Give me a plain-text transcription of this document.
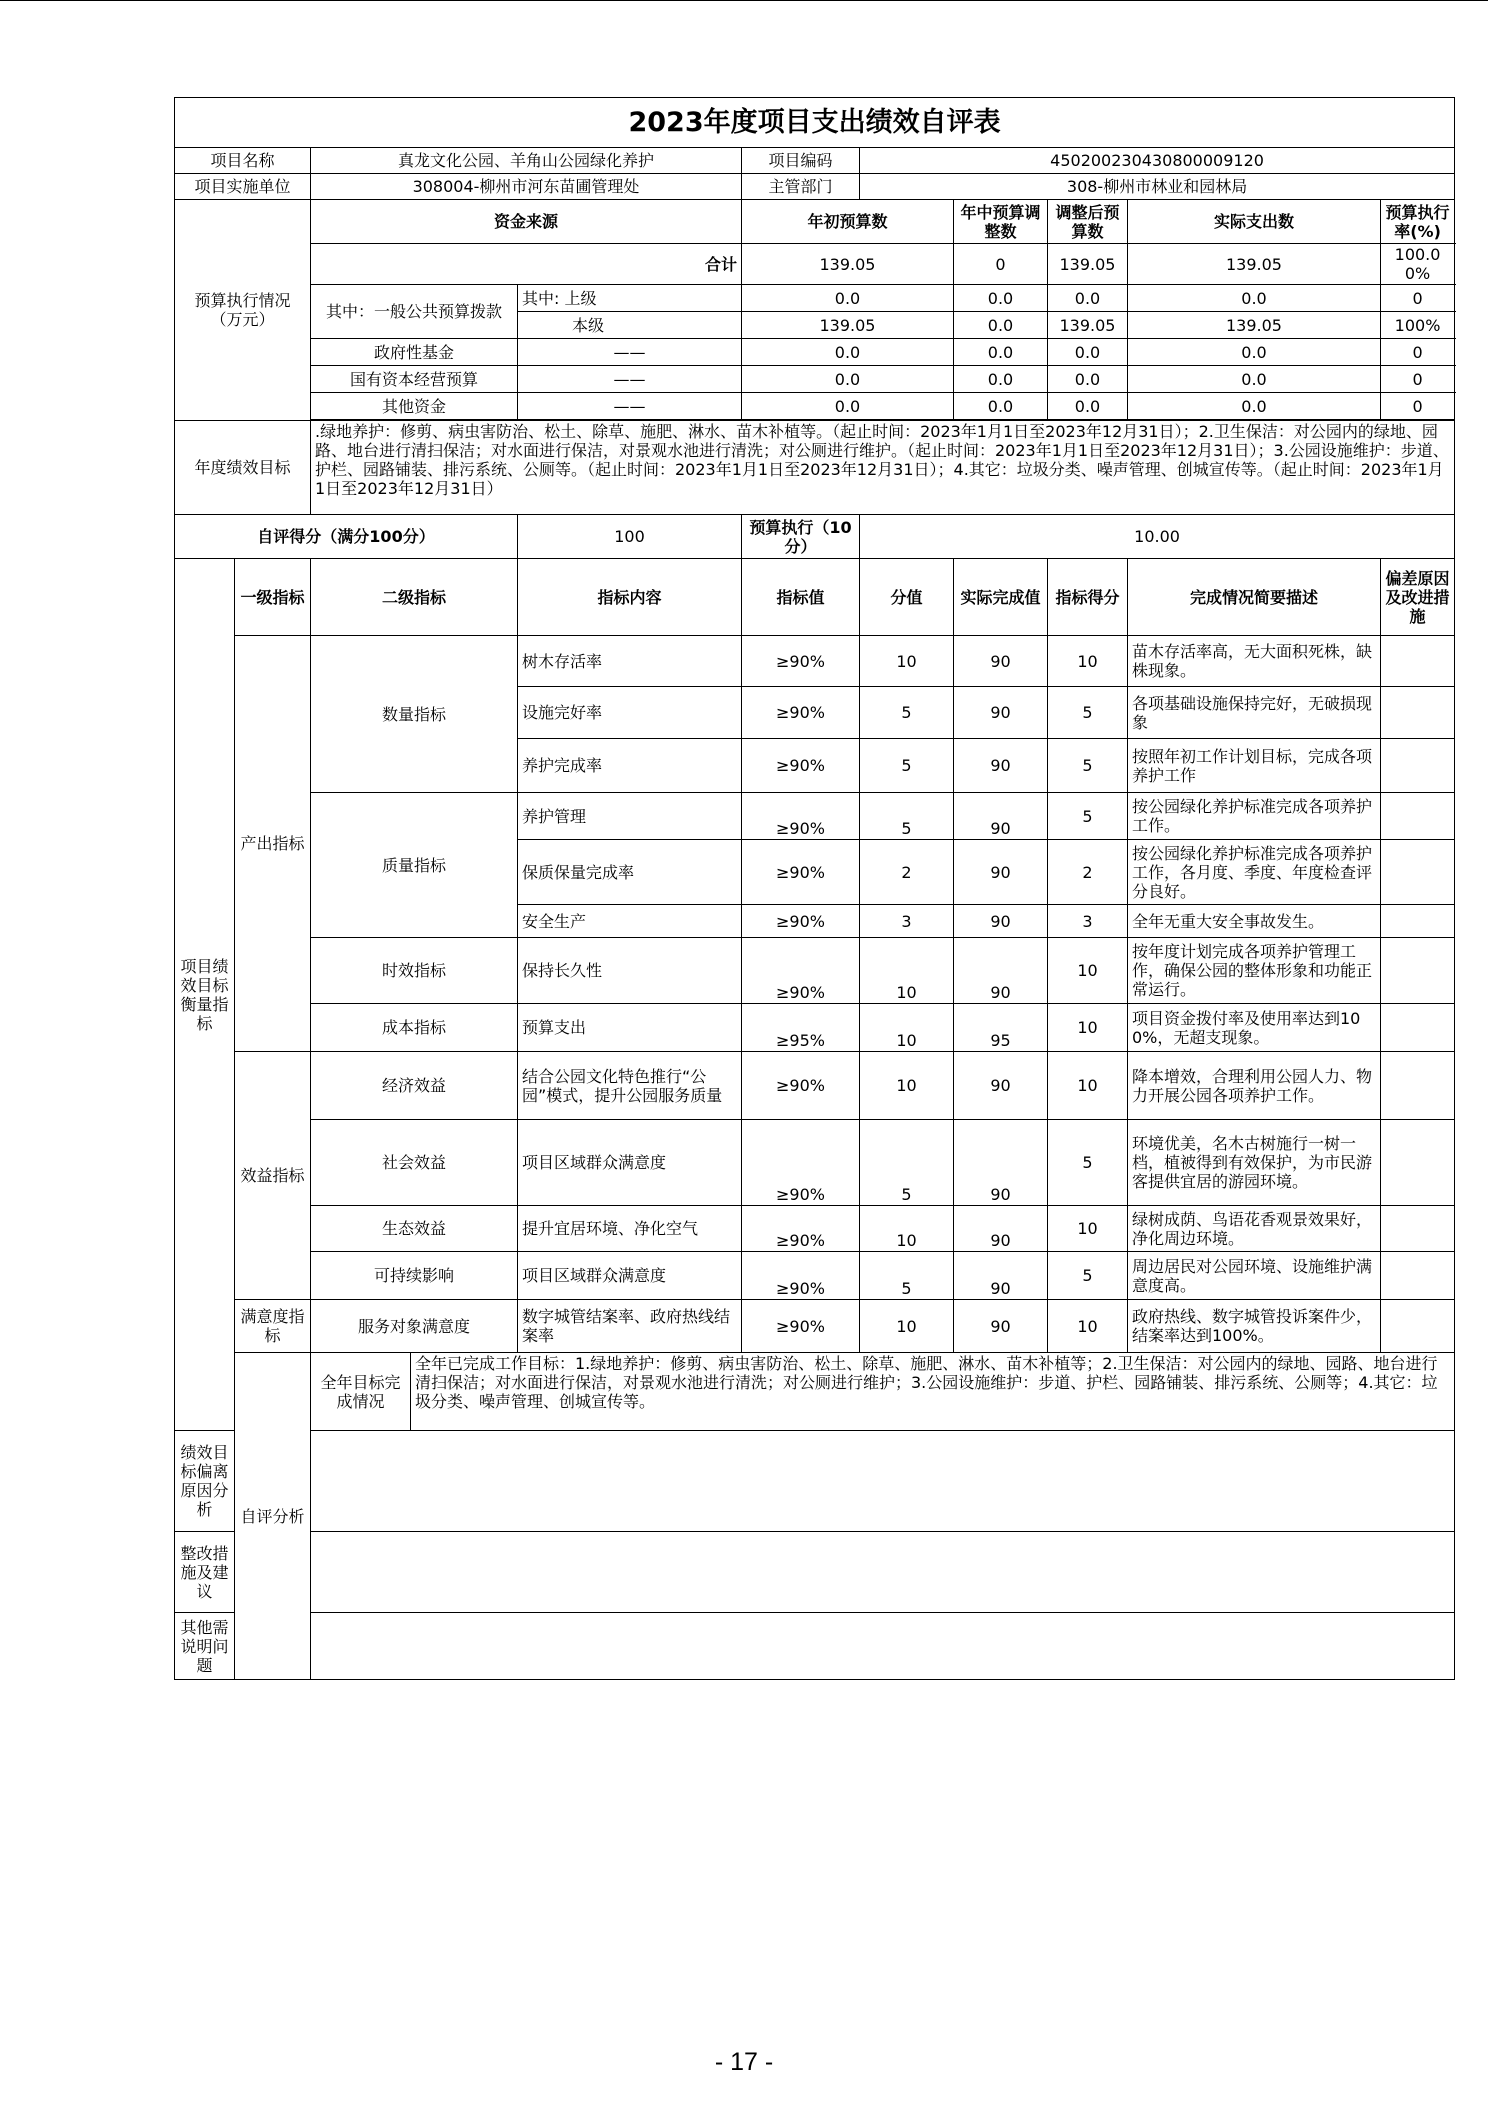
2023年度项目支出绩效自评表										
项目名称		真龙文化公园、羊角山公园绿化养护			项目编码	450200230430800009120				
项目实施单位		308004-柳州市河东苗圃管理处			主管部门	308-柳州市林业和园林局				
预算执行情况（万元）		资金来源			年初预算数		年中预算调整数	调整后预算数	实际支出数	预算执行率(%)
		合计			139.05		0	139.05	139.05	100.00%
		其中：一般公共预算拨款		其中: 上级	0.0		0.0	0.0	0.0	0
				本级	139.05		0.0	139.05	139.05	100%
		政府性基金		——	0.0		0.0	0.0	0.0	0
		国有资本经营预算		——	0.0		0.0	0.0	0.0	0
		其他资金		——	0.0		0.0	0.0	0.0	0

年度绩效目标		.绿地养护：修剪、病虫害防治、松土、除草、施肥、淋水、苗木补植等。（起止时间：2023年1月1日至2023年12月31日）；2.卫生保洁：对公园内的绿地、园路、地台进行清扫保洁；对水面进行保洁，对景观水池进行清洗；对公厕进行维护。（起止时间：2023年1月1日至2023年12月31日）；3.公园设施维护：步道、护栏、园路铺装、排污系统、公厕等。（起止时间：2023年1月1日至2023年12月31日）；4.其它：垃圾分类、噪声管理、创城宣传等。（起止时间：2023年1月1日至2023年12月31日）								
自评得分（满分100分）				100	预算执行（10分）	10.00				
项目绩效目标衡量指标	一级指标	二级指标		指标内容	指标值	分值	实际完成值	指标得分	完成情况简要描述	偏差原因及改进措施
	产出指标	数量指标		树木存活率	≥90%	10	90	10	苗木存活率高，无大面积死株，缺株现象。	
				设施完好率	≥90%	5	90	5	各项基础设施保持完好，无破损现象	
				养护完成率	≥90%	5	90	5	按照年初工作计划目标，完成各项养护工作	
		质量指标		养护管理	≥90%	5	90	5	按公园绿化养护标准完成各项养护工作。	
				保质保量完成率	≥90%	2	90	2	按公园绿化养护标准完成各项养护工作，各月度、季度、年度检查评分良好。	
				安全生产	≥90%	3	90	3	全年无重大安全事故发生。	
		时效指标		保持长久性	≥90%	10	90	10	按年度计划完成各项养护管理工作，确保公园的整体形象和功能正常运行。	
		成本指标		预算支出	≥95%	10	95	10	项目资金拨付率及使用率达到100%，无超支现象。	
	效益指标	经济效益		结合公园文化特色推行“公园”模式，提升公园服务质量	≥90%	10	90	10	降本增效，合理利用公园人力、物力开展公园各项养护工作。	
		社会效益		项目区域群众满意度	≥90%	5	90	5	环境优美，名木古树施行一树一档，植被得到有效保护，为市民游客提供宜居的游园环境。	
		生态效益		提升宜居环境、净化空气	≥90%	10	90	10	绿树成荫、鸟语花香观景效果好，净化周边环境。	
		可持续影响		项目区域群众满意度	≥90%	5	90	5	周边居民对公园环境、设施维护满意度高。	
	满意度指标	服务对象满意度		数字城管结案率、政府热线结案率	≥90%	10	90	10	政府热线、数字城管投诉案件少，结案率达到100%。	
	自评分析	全年目标完成情况	全年已完成工作目标：1.绿地养护：修剪、病虫害防治、松土、除草、施肥、淋水、苗木补植等；2.卫生保洁：对公园内的绿地、园路、地台进行清扫保洁；对水面进行保洁，对景观水池进行清洗；对公厕进行维护；3.公园设施维护：步道、护栏、园路铺装、排污系统、公厕等；4.其它：垃圾分类、噪声管理、创城宣传等。							
绩效目标偏离原因分析										
整改措施及建议										
其他需说明问题										
- 17 -
